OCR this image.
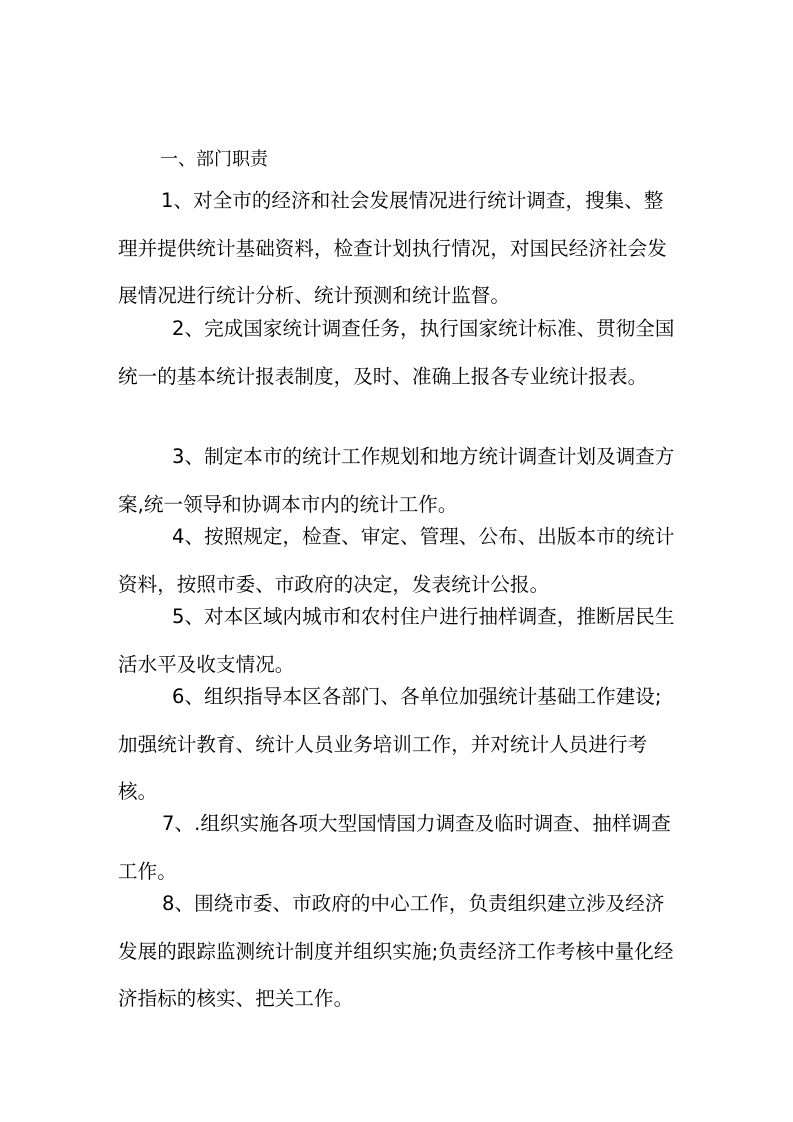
一、部门职责
1、对全市的经济和社会发展情况进行统计调查，搜集、整理并提供统计基础资料，检查计划执行情况，对国民经济社会发展情况进行统计分析、统计预测和统计监督。
2、完成国家统计调查任务，执行国家统计标准、贯彻全国统一的基本统计报表制度，及时、准确上报各专业统计报表。
3、制定本市的统计工作规划和地方统计调查计划及调查方案,统一领导和协调本市内的统计工作。
4、按照规定，检查、审定、管理、公布、出版本市的统计资料，按照市委、市政府的决定，发表统计公报。
5、对本区域内城市和农村住户进行抽样调查，推断居民生活水平及收支情况。
6、组织指导本区各部门、各单位加强统计基础工作建设;加强统计教育、统计人员业务培训工作，并对统计人员进行考核。
7、.组织实施各项大型国情国力调查及临时调查、抽样调查工作。
8、围绕市委、市政府的中心工作，负责组织建立涉及经济发展的跟踪监测统计制度并组织实施;负责经济工作考核中量化经济指标的核实、把关工作。
